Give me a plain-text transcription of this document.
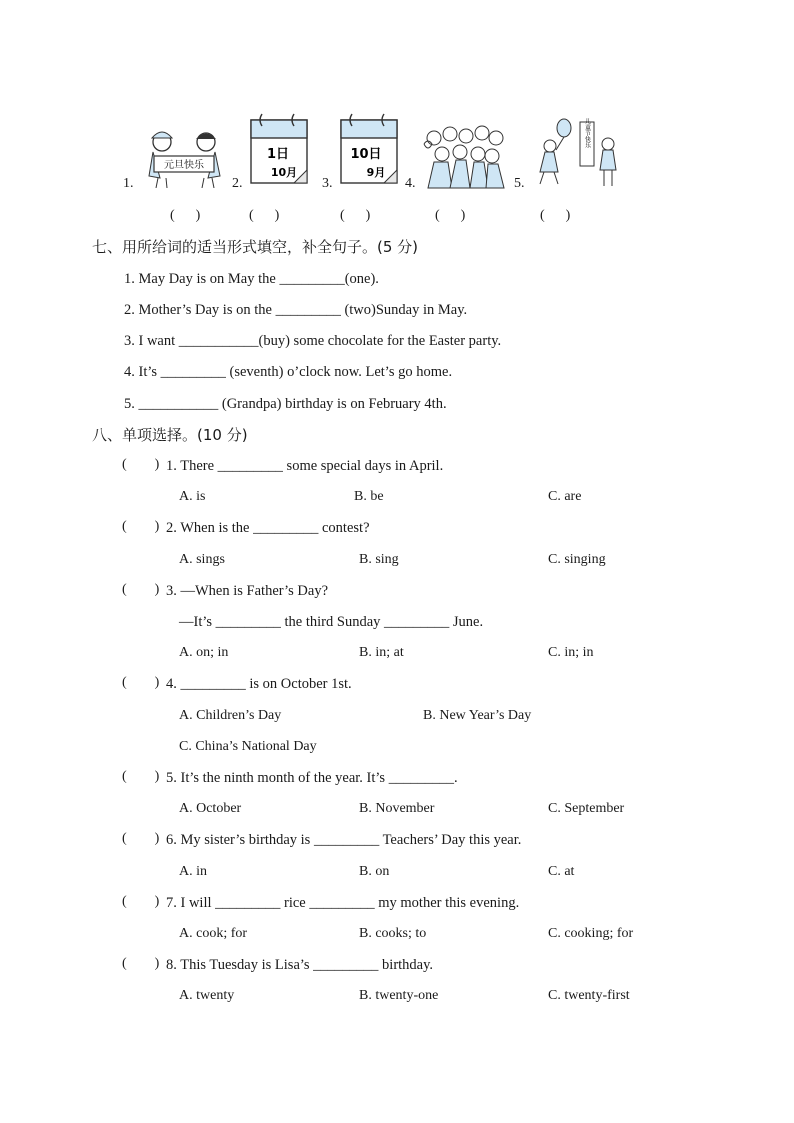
1.
元旦快乐
2.
1日
10月
3.
10日
9月
4.	5.
儿童节快乐
(      )	(      )	(      )	(      )	(      )
七、用所给词的适当形式填空，补全句子。(5 分)
1. May Day is on May the _________(one).
2. Mother’s Day is on the _________ (two)Sunday in May.
3. I want ___________(buy) some chocolate for the Easter party.
4. It’s _________ (seventh) o’clock now. Let’s go home.
5. ___________ (Grandpa) birthday is on February 4th.
八、单项选择。(10 分)
(        ) 1. There _________ some special days in April.
A. is	B. be	C. are
(        ) 2. When is the _________ contest?
A. sings	B. sing	C. singing
(        ) 3. —When is Father’s Day?
—It’s _________ the third Sunday _________ June.
A. on; in	B. in; at	C. in; in
(        ) 4. _________ is on October 1st.
A. Children’s Day	B. New Year’s Day
C. China’s National Day
(        ) 5. It’s the ninth month of the year. It’s _________.
A. October	B. November	C. September
(        ) 6. My sister’s birthday is _________ Teachers’ Day this year.
A. in	B. on	C. at
(        ) 7. I will _________ rice _________ my mother this evening.
A. cook; for	B. cooks; to	C. cooking; for
(        ) 8. This Tuesday is Lisa’s _________ birthday.
A. twenty	B. twenty-one	C. twenty-first
